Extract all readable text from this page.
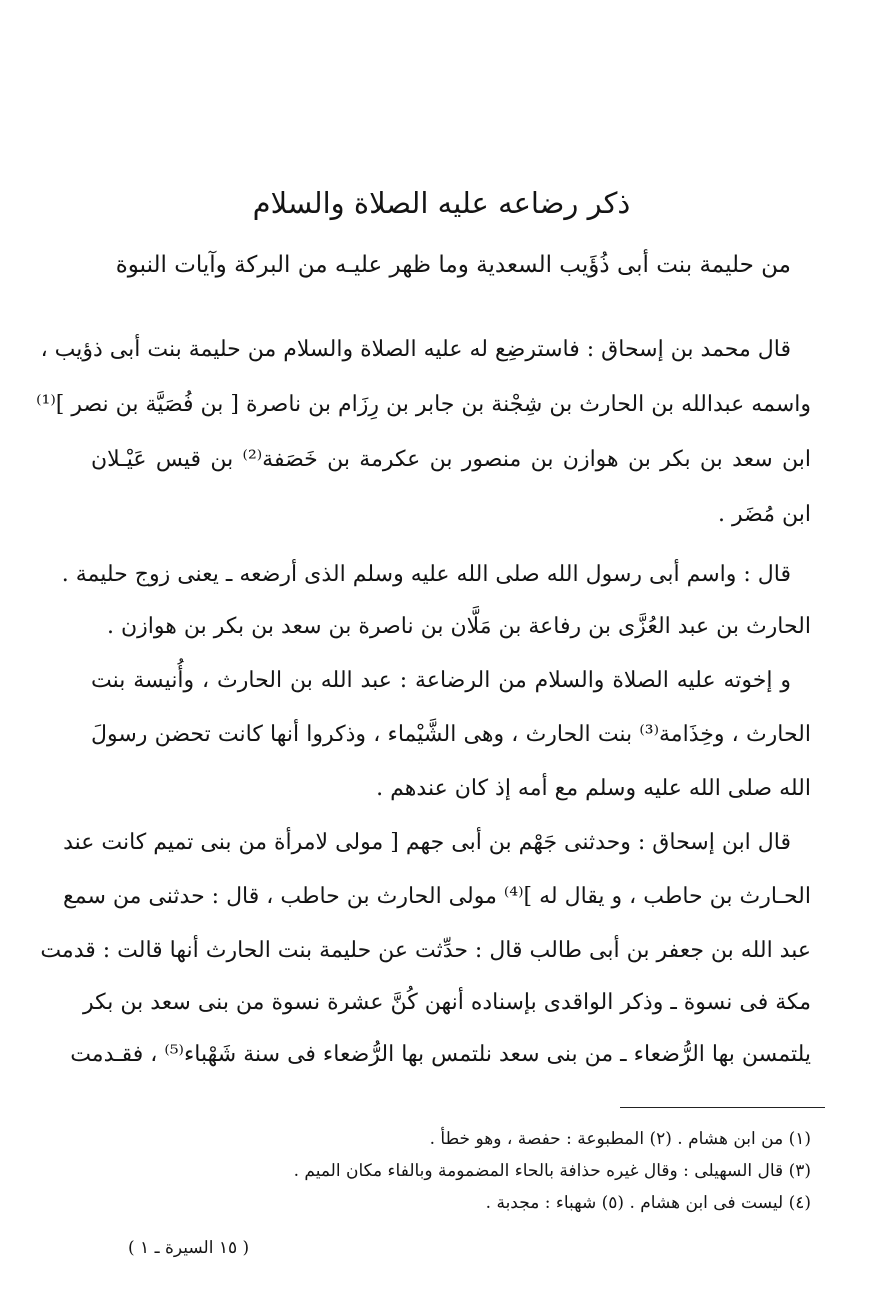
ذكر رضاعه عليه الصلاة والسلام
من حليمة بنت أبى ذُؤَيب السعدية وما ظهر عليـه من البركة وآيات النبوة
قال محمد بن إسحاق : فاسترضِع له عليه الصلاة والسلام من حليمة بنت أبى ذؤيب ،
واسمه عبدالله بن الحارث بن شِجْنة بن جابر بن رِزَام بن ناصرة [ بن فُصَيَّة بن نصر ]⁽¹⁾
ابن سعد بن بكر بن هوازن بن منصور بن عكرمة بن خَصَفة⁽²⁾ بن قيس عَيْـلان
ابن مُضَر .
قال : واسم أبى رسول الله صلى الله عليه وسلم الذى أرضعه ـ يعنى زوج حليمة .
الحارث بن عبد العُزَّى بن رفاعة بن مَلَّان بن ناصرة بن سعد بن بكر بن هوازن .
و إخوته عليه الصلاة والسلام من الرضاعة : عبد الله بن الحارث ، وأُنيسة بنت
الحارث ، وخِذَامة⁽³⁾ بنت الحارث ، وهى الشَّيْماء ، وذكروا أنها كانت تحضن رسولَ
الله صلى الله عليه وسلم مع أمه إذ كان عندهم .
قال ابن إسحاق : وحدثنى جَهْم بن أبى جهم [ مولى لامرأة من بنى تميم كانت عند
الحـارث بن حاطب ، و يقال له ]⁽⁴⁾ مولى الحارث بن حاطب ، قال : حدثنى من سمع
عبد الله بن جعفر بن أبى طالب قال : حدِّثت عن حليمة بنت الحارث أنها قالت : قدمت
مكة فى نسوة ـ وذكر الواقدى بإسناده أنهن كُنَّ عشرة نسوة من بنى سعد بن بكر
يلتمسن بها الرُّضعاء ـ من بنى سعد نلتمس بها الرُّضعاء فى سنة شَهْباء⁽⁵⁾ ، فقـدمت
(١) من ابن هشام . (٢) المطبوعة : حفصة ، وهو خطأ .
(٣) قال السهيلى : وقال غيره حذافة بالحاء المضمومة وبالفاء مكان الميم .
(٤) ليست فى ابن هشام . (٥) شهباء : مجدبة .
( ١٥ السيرة ـ ١ )
